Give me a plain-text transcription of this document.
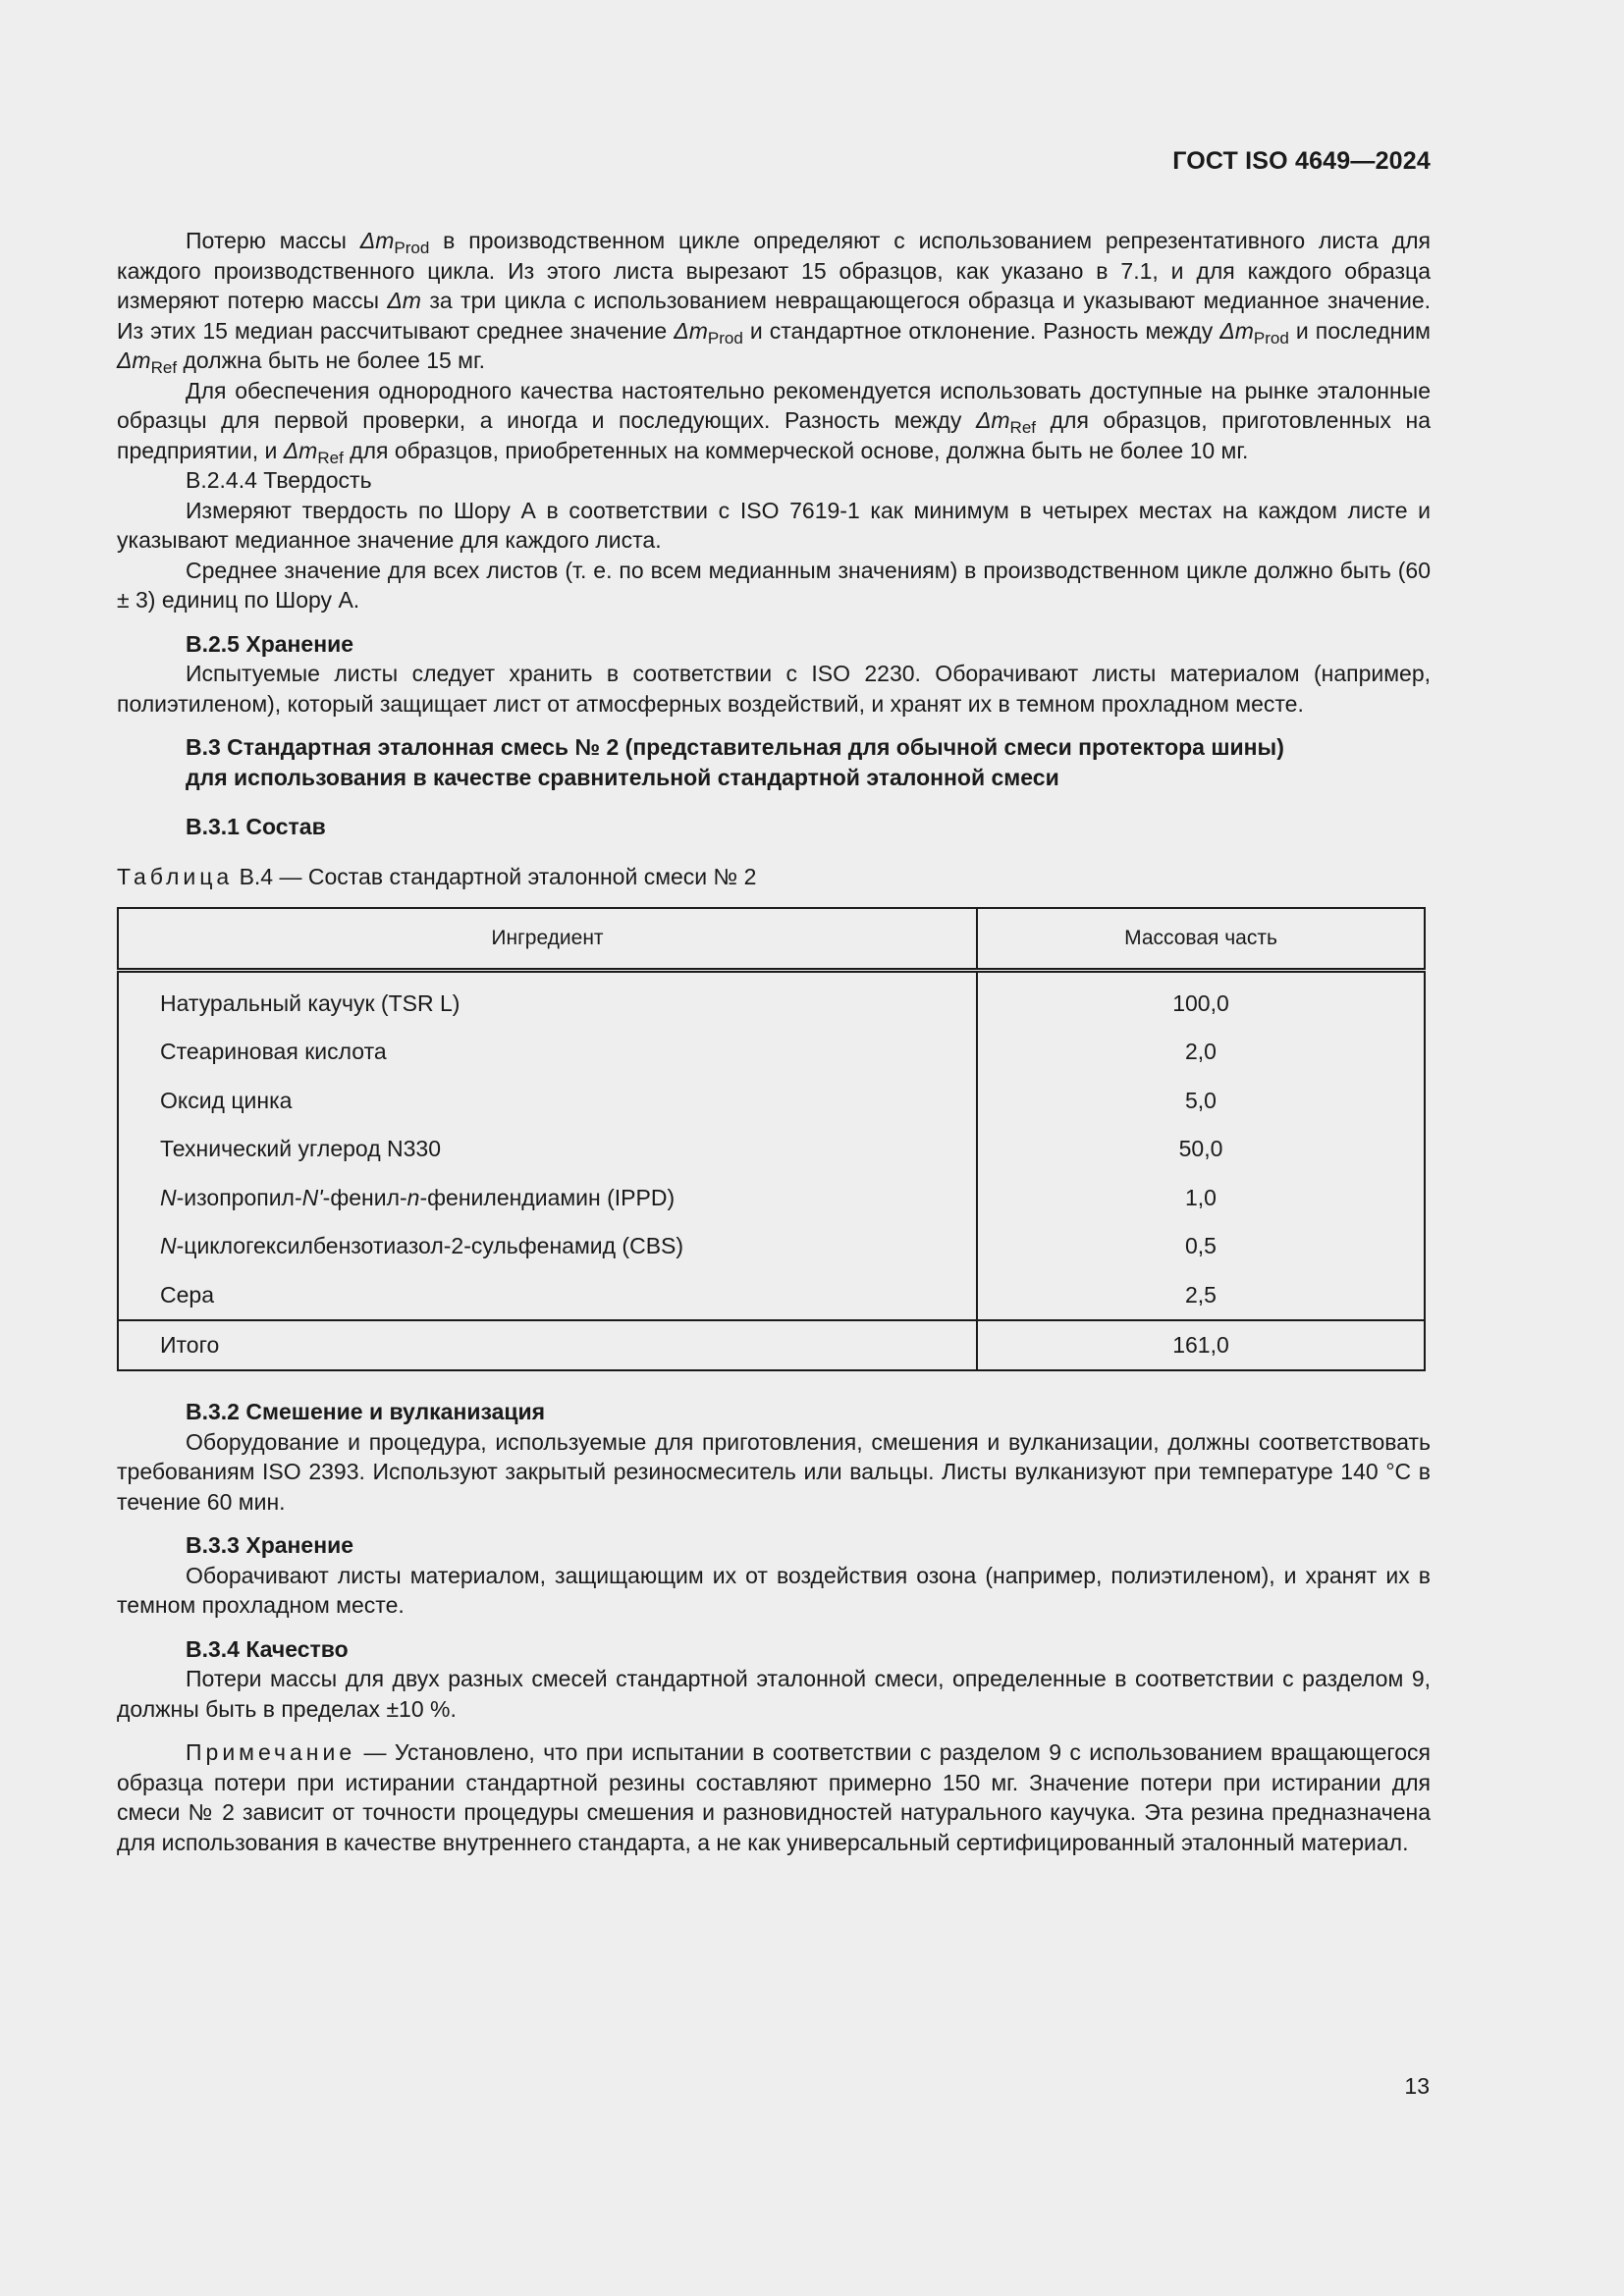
ГОСТ ISO 4649—2024

Потерю массы $\Delta m_{Prod}$ в производственном цикле определяют с использованием репрезентативного листа для каждого производственного цикла. Из этого листа вырезают 15 образцов, как указано в 7.1, и для каждого образца измеряют потерю массы Δm за три цикла с использованием невращающегося образца и указывают медианное значение. Из этих 15 медиан рассчитывают среднее значение $\Delta m_{Prod}$ и стандартное отклонение. Разность между $\Delta m_{Prod}$ и последним $\Delta m_{Ref}$ должна быть не более 15 мг.

Для обеспечения однородного качества настоятельно рекомендуется использовать доступные на рынке эталонные образцы для первой проверки, а иногда и последующих. Разность между $\Delta m_{Ref}$ для образцов, приготовленных на предприятии, и $\Delta m_{Ref}$ для образцов, приобретенных на коммерческой основе, должна быть не более 10 мг.

В.2.4.4 Твердость

Измеряют твердость по Шору А в соответствии с ISO 7619-1 как минимум в четырех местах на каждом листе и указывают медианное значение для каждого листа.

Среднее значение для всех листов (т. е. по всем медианным значениям) в производственном цикле должно быть (60 ± 3) единиц по Шору А.

В.2.5 Хранение

Испытуемые листы следует хранить в соответствии с ISO 2230. Оборачивают листы материалом (например, полиэтиленом), который защищает лист от атмосферных воздействий, и хранят их в темном прохладном месте.

В.3 Стандартная эталонная смесь № 2 (представительная для обычной смеси протектора шины)
для использования в качестве сравнительной стандартной эталонной смеси

В.3.1 Состав

Таблица В.4 — Состав стандартной эталонной смеси № 2

Ингредиент	Массовая часть
Натуральный каучук (TSR L)	100,0
Стеариновая кислота	2,0
Оксид цинка	5,0
Технический углерод N330	50,0
N-изопропил-N'-фенил-n-фенилендиамин (IPPD)	1,0
N-циклогексилбензотиазол-2-сульфенамид (CBS)	0,5
Сера	2,5
Итого	161,0

В.3.2 Смешение и вулканизация

Оборудование и процедура, используемые для приготовления, смешения и вулканизации, должны соответствовать требованиям ISO 2393. Используют закрытый резиносмеситель или вальцы. Листы вулканизуют при температуре 140 °С в течение 60 мин.

В.3.3 Хранение

Оборачивают листы материалом, защищающим их от воздействия озона (например, полиэтиленом), и хранят их в темном прохладном месте.

В.3.4 Качество

Потери массы для двух разных смесей стандартной эталонной смеси, определенные в соответствии с разделом 9, должны быть в пределах ±10 %.

Примечание — Установлено, что при испытании в соответствии с разделом 9 с использованием вращающегося образца потери при истирании стандартной резины составляют примерно 150 мг. Значение потери при истирании для смеси № 2 зависит от точности процедуры смешения и разновидностей натурального каучука. Эта резина предназначена для использования в качестве внутреннего стандарта, а не как универсальный сертифицированный эталонный материал.

13
